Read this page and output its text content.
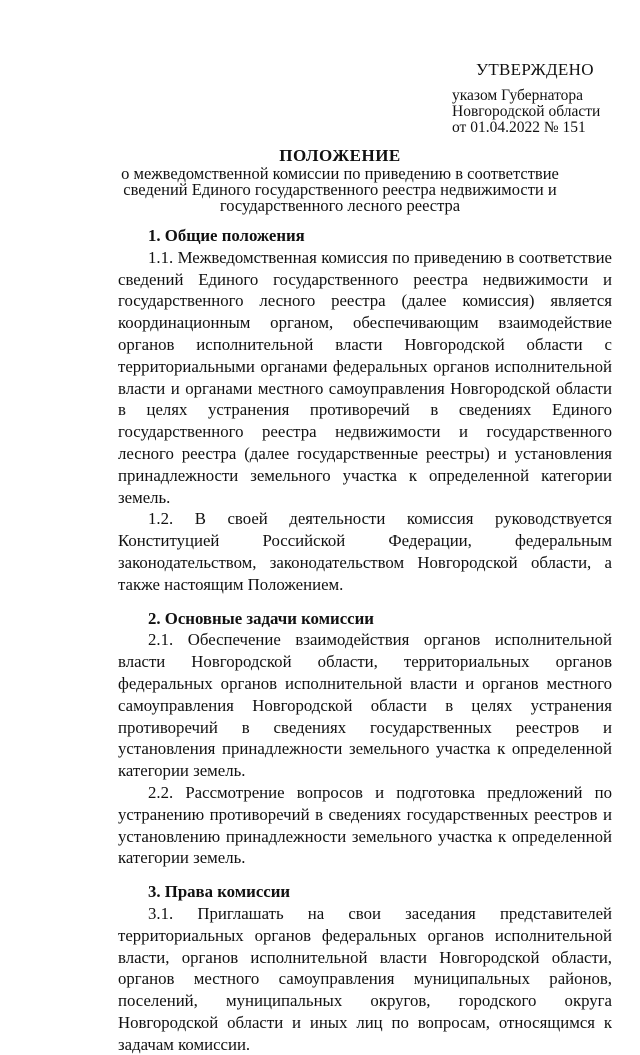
УТВЕРЖДЕНО
указом Губернатора
Новгородской области
от 01.04.2022 № 151
ПОЛОЖЕНИЕ
о межведомственной комиссии по приведению в соответствие сведений Единого государственного реестра недвижимости и государственного лесного реестра

1. Общие положения

1.1. Межведомственная комиссия по приведению в соответствие сведений Единого государственного реестра недвижимости и государственного лесного реестра (далее комиссия) является координационным органом, обеспечивающим взаимодействие органов исполнительной власти Новгородской области с территориальными органами федеральных органов исполнительной власти и органами местного самоуправления Новгородской области в целях устранения противоречий в сведениях Единого государственного реестра недвижимости и государственного лесного реестра (далее государственные реестры) и установления принадлежности земельного участка к определенной категории земель.

1.2. В своей деятельности комиссия руководствуется Конституцией Российской Федерации, федеральным законодательством, законодательством Новгородской области, а также настоящим Положением.

2. Основные задачи комиссии

2.1. Обеспечение взаимодействия органов исполнительной власти Новгородской области, территориальных органов федеральных органов исполнительной власти и органов местного самоуправления Новгородской области в целях устранения противоречий в сведениях государственных реестров и установления принадлежности земельного участка к определенной категории земель.

2.2. Рассмотрение вопросов и подготовка предложений по устранению противоречий в сведениях государственных реестров и установлению принадлежности земельного участка к определенной категории земель.

3. Права комиссии

3.1. Приглашать на свои заседания представителей территориальных органов федеральных органов исполнительной власти, органов исполнительной власти Новгородской области, органов местного самоуправления муниципальных районов, поселений, муниципальных округов, городского округа Новгородской области и иных лиц по вопросам, относящимся к задачам комиссии.
